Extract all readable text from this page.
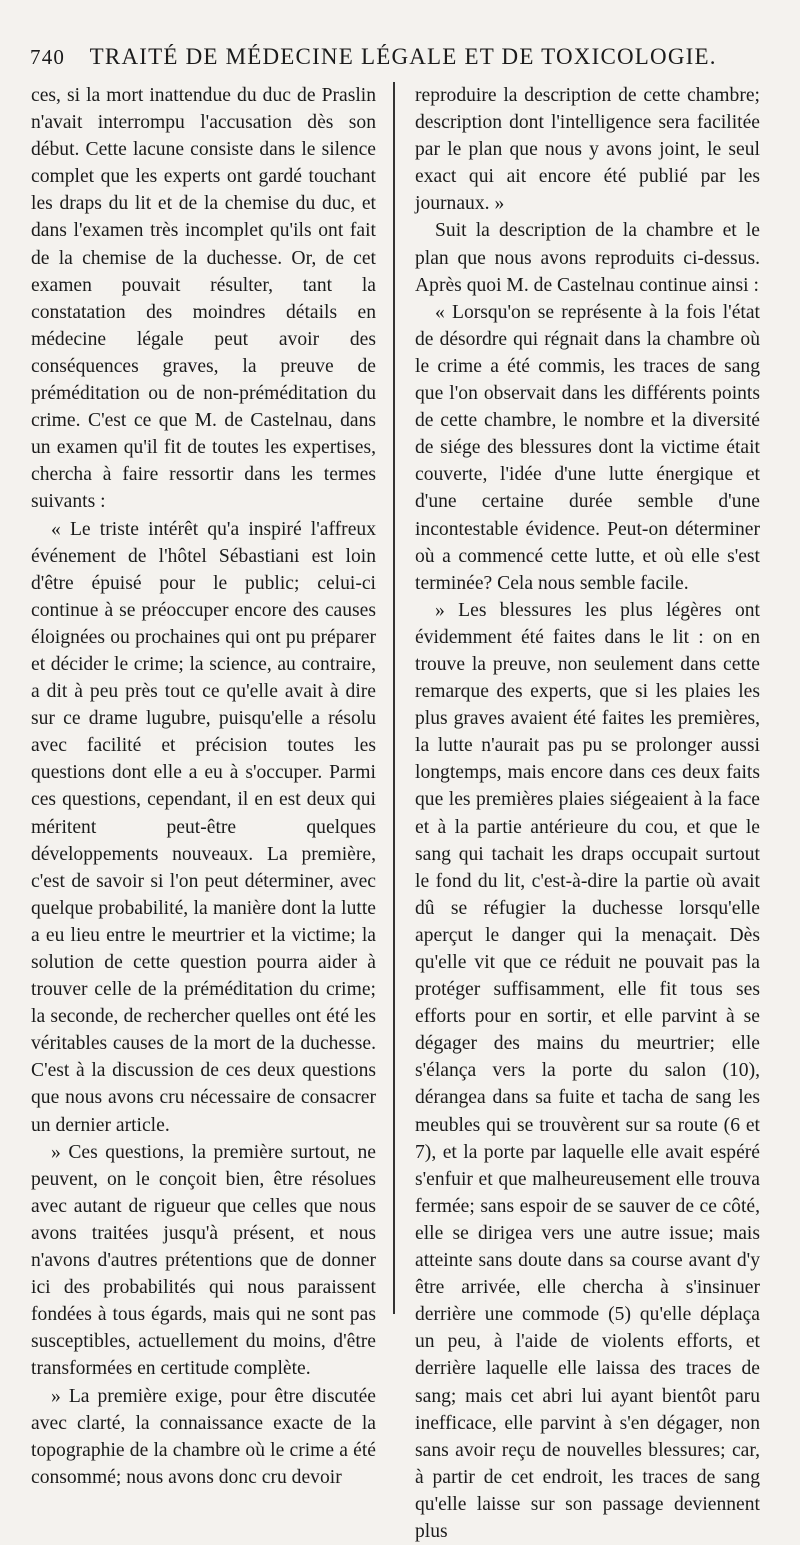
740 TRAITÉ DE MÉDECINE LÉGALE ET DE TOXICOLOGIE.

ces, si la mort inattendue du duc de Praslin n'avait interrompu l'accusation dès son début. Cette lacune consiste dans le silence complet que les experts ont gardé touchant les draps du lit et de la chemise du duc, et dans l'examen très incomplet qu'ils ont fait de la chemise de la duchesse. Or, de cet examen pouvait résulter, tant la constatation des moindres détails en médecine légale peut avoir des conséquences graves, la preuve de préméditation ou de non-préméditation du crime. C'est ce que M. de Castelnau, dans un examen qu'il fit de toutes les expertises, chercha à faire ressortir dans les termes suivants :

« Le triste intérêt qu'a inspiré l'affreux événement de l'hôtel Sébastiani est loin d'être épuisé pour le public; celui-ci continue à se préoccuper encore des causes éloignées ou prochaines qui ont pu préparer et décider le crime; la science, au contraire, a dit à peu près tout ce qu'elle avait à dire sur ce drame lugubre, puisqu'elle a résolu avec facilité et précision toutes les questions dont elle a eu à s'occuper. Parmi ces questions, cependant, il en est deux qui méritent peut-être quelques développements nouveaux. La première, c'est de savoir si l'on peut déterminer, avec quelque probabilité, la manière dont la lutte a eu lieu entre le meurtrier et la victime; la solution de cette question pourra aider à trouver celle de la préméditation du crime; la seconde, de rechercher quelles ont été les véritables causes de la mort de la duchesse. C'est à la discussion de ces deux questions que nous avons cru nécessaire de consacrer un dernier article.

» Ces questions, la première surtout, ne peuvent, on le conçoit bien, être résolues avec autant de rigueur que celles que nous avons traitées jusqu'à présent, et nous n'avons d'autres prétentions que de donner ici des probabilités qui nous paraissent fondées à tous égards, mais qui ne sont pas susceptibles, actuellement du moins, d'être transformées en certitude complète.

» La première exige, pour être discutée avec clarté, la connaissance exacte de la topographie de la chambre où le crime a été consommé; nous avons donc cru devoir

reproduire la description de cette chambre; description dont l'intelligence sera facilitée par le plan que nous y avons joint, le seul exact qui ait encore été publié par les journaux. »

Suit la description de la chambre et le plan que nous avons reproduits ci-dessus. Après quoi M. de Castelnau continue ainsi :

« Lorsqu'on se représente à la fois l'état de désordre qui régnait dans la chambre où le crime a été commis, les traces de sang que l'on observait dans les différents points de cette chambre, le nombre et la diversité de siége des blessures dont la victime était couverte, l'idée d'une lutte énergique et d'une certaine durée semble d'une incontestable évidence. Peut-on déterminer où a commencé cette lutte, et où elle s'est terminée? Cela nous semble facile.

» Les blessures les plus légères ont évidemment été faites dans le lit : on en trouve la preuve, non seulement dans cette remarque des experts, que si les plaies les plus graves avaient été faites les premières, la lutte n'aurait pas pu se prolonger aussi longtemps, mais encore dans ces deux faits que les premières plaies siégeaient à la face et à la partie antérieure du cou, et que le sang qui tachait les draps occupait surtout le fond du lit, c'est-à-dire la partie où avait dû se réfugier la duchesse lorsqu'elle aperçut le danger qui la menaçait. Dès qu'elle vit que ce réduit ne pouvait pas la protéger suffisamment, elle fit tous ses efforts pour en sortir, et elle parvint à se dégager des mains du meurtrier; elle s'élança vers la porte du salon (10), dérangea dans sa fuite et tacha de sang les meubles qui se trouvèrent sur sa route (6 et 7), et la porte par laquelle elle avait espéré s'enfuir et que malheureusement elle trouva fermée; sans espoir de se sauver de ce côté, elle se dirigea vers une autre issue; mais atteinte sans doute dans sa course avant d'y être arrivée, elle chercha à s'insinuer derrière une commode (5) qu'elle déplaça un peu, à l'aide de violents efforts, et derrière laquelle elle laissa des traces de sang; mais cet abri lui ayant bientôt paru inefficace, elle parvint à s'en dégager, non sans avoir reçu de nouvelles blessures; car, à partir de cet endroit, les traces de sang qu'elle laisse sur son passage deviennent plus
